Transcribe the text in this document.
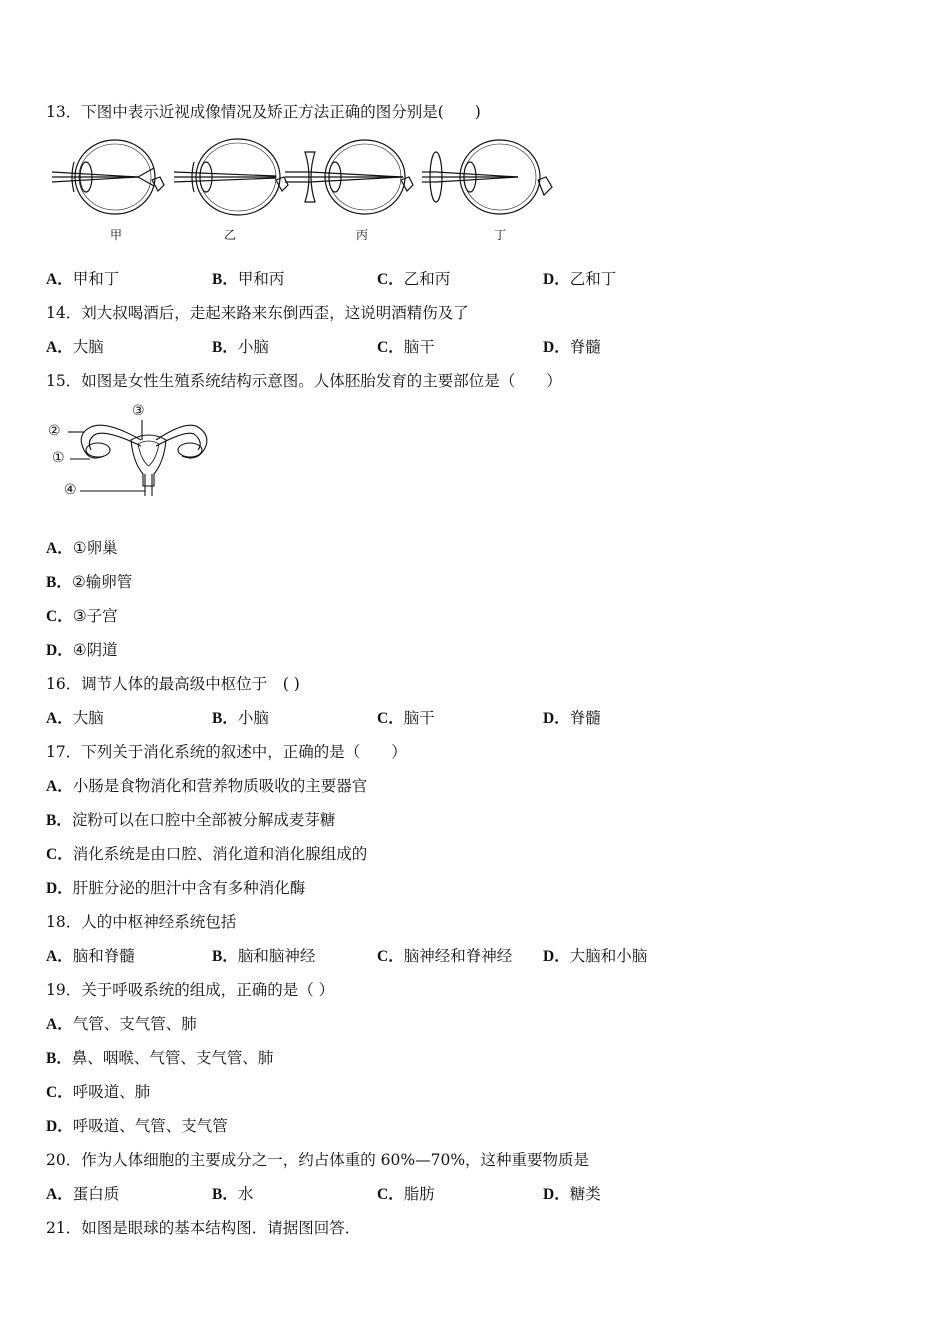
13．下图中表示近视成像情况及矫正方法正确的图分别是(　　)
甲	乙	丙	丁
A．甲和丁	B．甲和丙	C．乙和丙	D．乙和丁
14．刘大叔喝酒后，走起来路来东倒西歪，这说明酒精伤及了
A．大脑	B．小脑	C．脑干	D．脊髓
15．如图是女性生殖系统结构示意图。人体胚胎发育的主要部位是（　　）
②
③
①
④
A．①卵巢
B．②输卵管
C．③子宫
D．④阴道
16．调节人体的最高级中枢位于　( )
A．大脑	B．小脑	C．脑干	D．脊髓
17．下列关于消化系统的叙述中，正确的是（　　）
A．小肠是食物消化和营养物质吸收的主要器官
B．淀粉可以在口腔中全部被分解成麦芽糖
C．消化系统是由口腔、消化道和消化腺组成的
D．肝脏分泌的胆汁中含有多种消化酶
18．人的中枢神经系统包括
A．脑和脊髓	B．脑和脑神经	C．脑神经和脊神经 D．大脑和小脑
19．关于呼吸系统的组成，正确的是（ ）
A．气管、支气管、肺
B．鼻、咽喉、气管、支气管、肺
C．呼吸道、肺
D．呼吸道、气管、支气管
20．作为人体细胞的主要成分之一，约占体重的 60%—70%，这种重要物质是
A．蛋白质	B．水	C．脂肪	D．糖类
21．如图是眼球的基本结构图．请据图回答．
